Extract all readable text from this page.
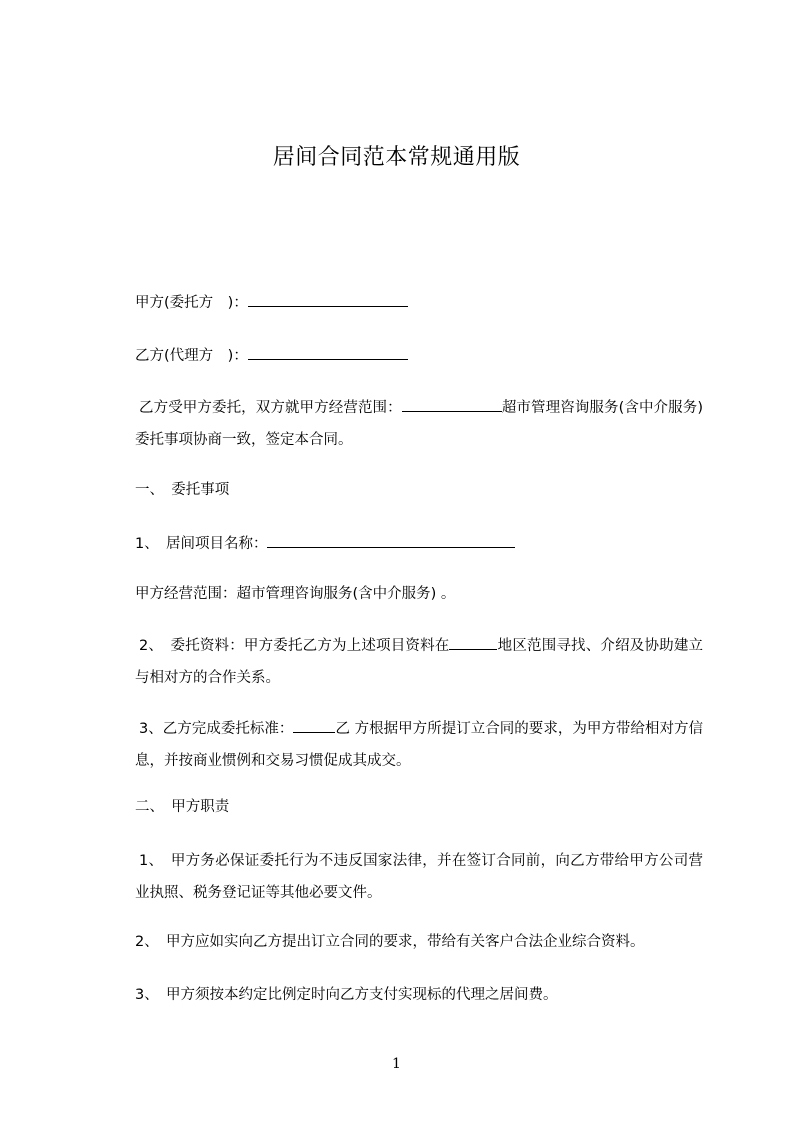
居间合同范本常规通用版
甲方(委托方　)：
乙方(代理方　)：
乙方受甲方委托，双方就甲方经营范围：	超市管理咨询服务(含中介服务) 委托事项协商一致，签定本合同。
一、　委托事项
1、　居间项目名称：
甲方经营范围：超市管理咨询服务(含中介服务) 。
2、　委托资料：甲方委托乙方为上述项目资料在	地区范围寻找、介绍及协助建立与相对方的合作关系。
3、乙方完成委托标准：	乙 方根据甲方所提订立合同的要求，为甲方带给相对方信息，并按商业惯例和交易习惯促成其成交。
二、　甲方职责
1、　甲方务必保证委托行为不违反国家法律，并在签订合同前，向乙方带给甲方公司营业执照、税务登记证等其他必要文件。
2、　甲方应如实向乙方提出订立合同的要求，带给有关客户合法企业综合资料。
3、　甲方须按本约定比例定时向乙方支付实现标的代理之居间费。
1
